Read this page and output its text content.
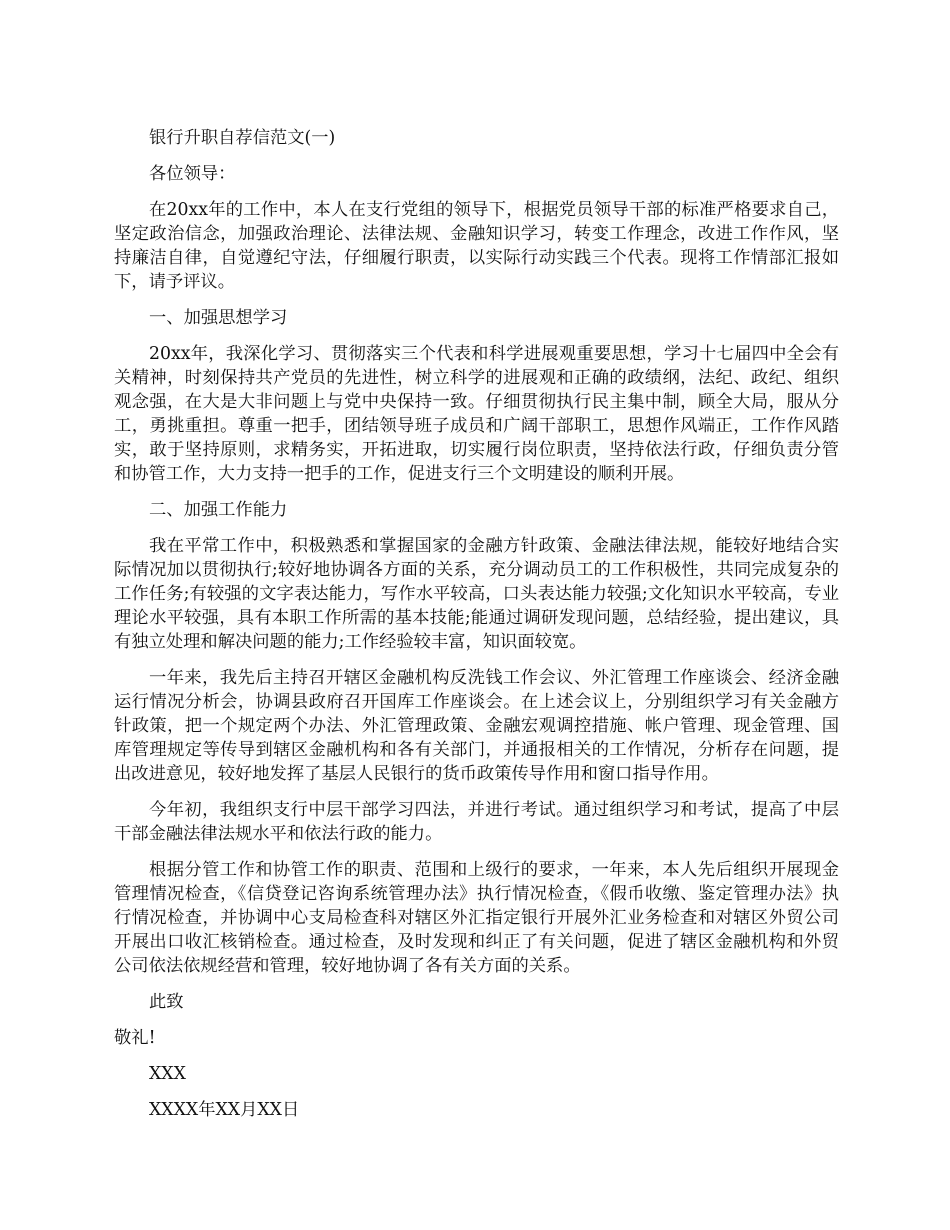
银行升职自荐信范文(一)

各位领导：

在20xx年的工作中，本人在支行党组的领导下，根据党员领导干部的标准严格要求自己，坚定政治信念，加强政治理论、法律法规、金融知识学习，转变工作理念，改进工作作风，坚持廉洁自律，自觉遵纪守法，仔细履行职责，以实际行动实践三个代表。现将工作情部汇报如下，请予评议。

一、加强思想学习

20xx年，我深化学习、贯彻落实三个代表和科学进展观重要思想，学习十七届四中全会有关精神，时刻保持共产党员的先进性，树立科学的进展观和正确的政绩纲，法纪、政纪、组织观念强，在大是大非问题上与党中央保持一致。仔细贯彻执行民主集中制，顾全大局，服从分工，勇挑重担。尊重一把手，团结领导班子成员和广阔干部职工，思想作风端正，工作作风踏实，敢于坚持原则，求精务实，开拓进取，切实履行岗位职责，坚持依法行政，仔细负责分管和协管工作，大力支持一把手的工作，促进支行三个文明建设的顺利开展。

二、加强工作能力

我在平常工作中，积极熟悉和掌握国家的金融方针政策、金融法律法规，能较好地结合实际情况加以贯彻执行;较好地协调各方面的关系，充分调动员工的工作积极性，共同完成复杂的工作任务;有较强的文字表达能力，写作水平较高，口头表达能力较强;文化知识水平较高，专业理论水平较强，具有本职工作所需的基本技能;能通过调研发现问题，总结经验，提出建议，具有独立处理和解决问题的能力;工作经验较丰富，知识面较宽。

一年来，我先后主持召开辖区金融机构反洗钱工作会议、外汇管理工作座谈会、经济金融运行情况分析会，协调县政府召开国库工作座谈会。在上述会议上，分别组织学习有关金融方针政策，把一个规定两个办法、外汇管理政策、金融宏观调控措施、帐户管理、现金管理、国库管理规定等传导到辖区金融机构和各有关部门，并通报相关的工作情况，分析存在问题，提出改进意见，较好地发挥了基层人民银行的货币政策传导作用和窗口指导作用。

今年初，我组织支行中层干部学习四法，并进行考试。通过组织学习和考试，提高了中层干部金融法律法规水平和依法行政的能力。

根据分管工作和协管工作的职责、范围和上级行的要求，一年来，本人先后组织开展现金管理情况检查，《信贷登记咨询系统管理办法》执行情况检查，《假币收缴、鉴定管理办法》执行情况检查，并协调中心支局检查科对辖区外汇指定银行开展外汇业务检查和对辖区外贸公司开展出口收汇核销检查。通过检查，及时发现和纠正了有关问题，促进了辖区金融机构和外贸公司依法依规经营和管理，较好地协调了各有关方面的关系。

此致

敬礼!

XXX

XXXX年XX月XX日
